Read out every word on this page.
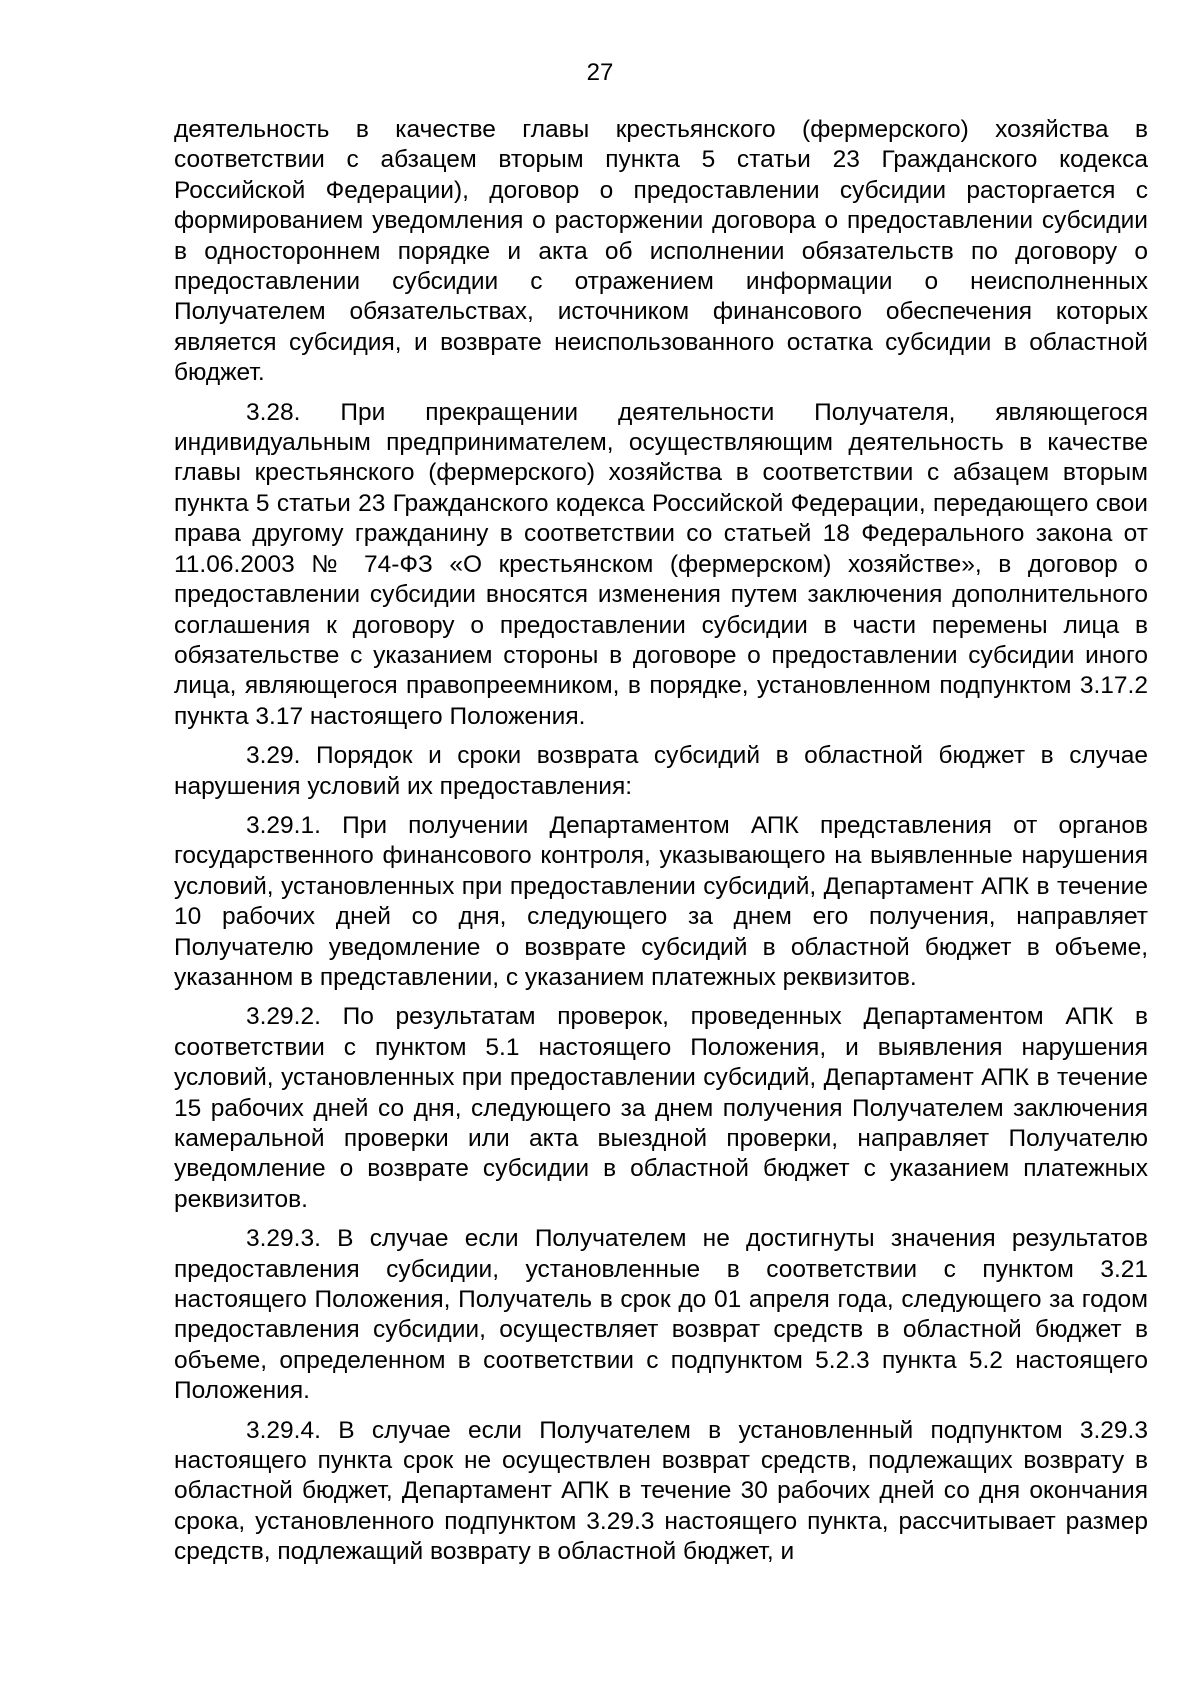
27

деятельность в качестве главы крестьянского (фермерского) хозяйства в соответствии с абзацем вторым пункта 5 статьи 23 Гражданского кодекса Российской Федерации), договор о предоставлении субсидии расторгается с формированием уведомления о расторжении договора о предоставлении субсидии в одностороннем порядке и акта об исполнении обязательств по договору о предоставлении субсидии с отражением информации о неисполненных Получателем обязательствах, источником финансового обеспечения которых является субсидия, и возврате неиспользованного остатка субсидии в областной бюджет.

3.28. При прекращении деятельности Получателя, являющегося индивидуальным предпринимателем, осуществляющим деятельность в качестве главы крестьянского (фермерского) хозяйства в соответствии с абзацем вторым пункта 5 статьи 23 Гражданского кодекса Российской Федерации, передающего свои права другому гражданину в соответствии со статьей 18 Федерального закона от 11.06.2003 № 74-ФЗ «О крестьянском (фермерском) хозяйстве», в договор о предоставлении субсидии вносятся изменения путем заключения дополнительного соглашения к договору о предоставлении субсидии в части перемены лица в обязательстве с указанием стороны в договоре о предоставлении субсидии иного лица, являющегося правопреемником, в порядке, установленном подпунктом 3.17.2 пункта 3.17 настоящего Положения.

3.29. Порядок и сроки возврата субсидий в областной бюджет в случае нарушения условий их предоставления:

3.29.1. При получении Департаментом АПК представления от органов государственного финансового контроля, указывающего на выявленные нарушения условий, установленных при предоставлении субсидий, Департамент АПК в течение 10 рабочих дней со дня, следующего за днем его получения, направляет Получателю уведомление о возврате субсидий в областной бюджет в объеме, указанном в представлении, с указанием платежных реквизитов.

3.29.2. По результатам проверок, проведенных Департаментом АПК в соответствии с пунктом 5.1 настоящего Положения, и выявления нарушения условий, установленных при предоставлении субсидий, Департамент АПК в течение 15 рабочих дней со дня, следующего за днем получения Получателем заключения камеральной проверки или акта выездной проверки, направляет Получателю уведомление о возврате субсидии в областной бюджет с указанием платежных реквизитов.

3.29.3. В случае если Получателем не достигнуты значения результатов предоставления субсидии, установленные в соответствии с пунктом 3.21 настоящего Положения, Получатель в срок до 01 апреля года, следующего за годом предоставления субсидии, осуществляет возврат средств в областной бюджет в объеме, определенном в соответствии с подпунктом 5.2.3 пункта 5.2 настоящего Положения.

3.29.4. В случае если Получателем в установленный подпунктом 3.29.3 настоящего пункта срок не осуществлен возврат средств, подлежащих возврату в областной бюджет, Департамент АПК в течение 30 рабочих дней со дня окончания срока, установленного подпунктом 3.29.3 настоящего пункта, рассчитывает размер средств, подлежащий возврату в областной бюджет, и
